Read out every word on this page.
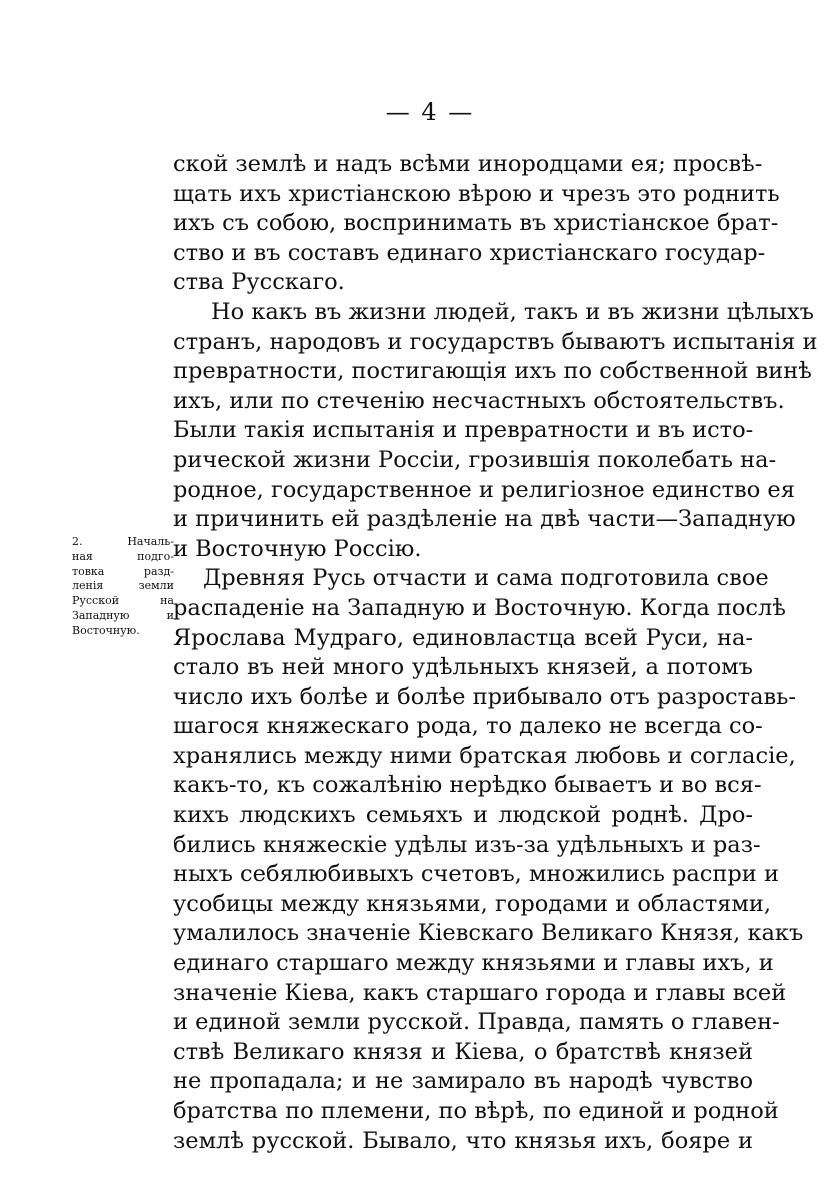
— 4 —
2. Началь-
ная подго-
товка разд-
ленія земли
Русской на
Западную и
Восточную.
ской землѣ и надъ всѣми инородцами ея; просвѣ-
щать ихъ христіанскою вѣрою и чрезъ это роднить
ихъ съ собою, воспринимать въ христіанское брат-
ство и въ составъ единаго христіанскаго государ-
ства Русскаго.
Но какъ въ жизни людей, такъ и въ жизни цѣлыхъ
странъ, народовъ и государствъ бываютъ испытанія и
превратности, постигающія ихъ по собственной винѣ
ихъ, или по стеченію несчастныхъ обстоятельствъ.
Были такія испытанія и превратности и въ исто-
рической жизни Россіи, грозившія поколебать на-
родное, государственное и религіозное единство ея
и причинить ей раздѣленіе на двѣ части—Западную
и Восточную Россію.
Древняя Русь отчасти и сама подготовила свое
распаденіе на Западную и Восточную. Когда послѣ
Ярослава Мудраго, единовластца всей Руси, на-
стало въ ней много удѣльныхъ князей, а потомъ
число ихъ болѣе и болѣе прибывало отъ разроставь-
шагося княжескаго рода, то далеко не всегда со-
хранялись между ними братская любовь и согласіе,
какъ-то, къ сожалѣнію нерѣдко бываетъ и во вся-
кихъ людскихъ семьяхъ и людской роднѣ. Дро-
бились княжескіе удѣлы изъ-за удѣльныхъ и раз-
ныхъ себялюбивыхъ счетовъ, множились распри и
усобицы между князьями, городами и областями,
умалилось значеніе Кіевскаго Великаго Князя, какъ
единаго старшаго между князьями и главы ихъ, и
значеніе Кіева, какъ старшаго города и главы всей
и единой земли русской. Правда, память о главен-
ствѣ Великаго князя и Кіева, о братствѣ князей
не пропадала; и не замирало въ народѣ чувство
братства по племени, по вѣрѣ, по единой и родной
землѣ русской. Бывало, что князья ихъ, бояре и
